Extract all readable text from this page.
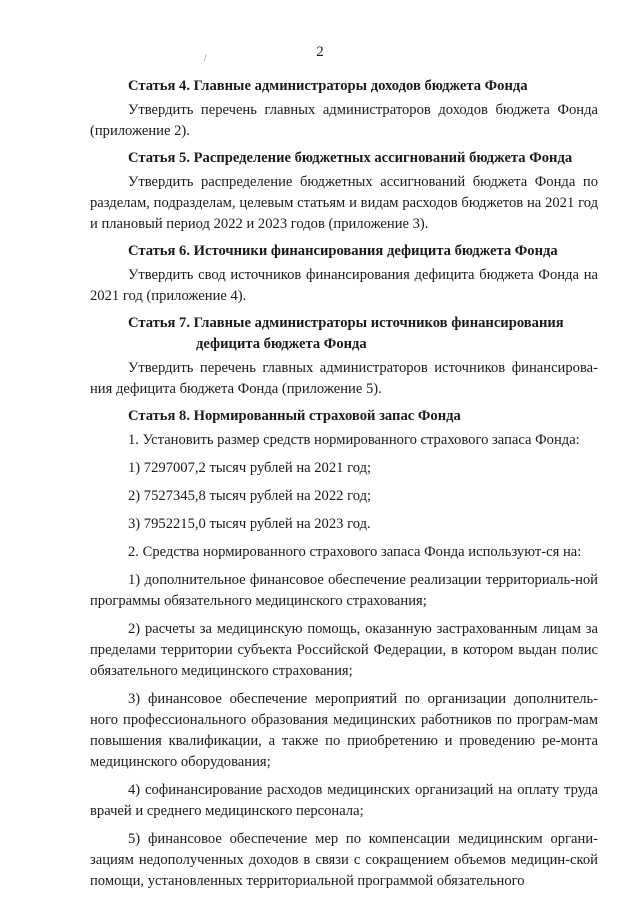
2
/

Статья 4. Главные администраторы доходов бюджета Фонда

Утвердить перечень главных администраторов доходов бюджета Фонда (приложение 2).

Статья 5. Распределение бюджетных ассигнований бюджета Фонда

Утвердить распределение бюджетных ассигнований бюджета Фонда по разделам, подразделам, целевым статьям и видам расходов бюджетов на 2021 год и плановый период 2022 и 2023 годов (приложение 3).

Статья 6. Источники финансирования дефицита бюджета Фонда

Утвердить свод источников финансирования дефицита бюджета Фонда на 2021 год (приложение 4).

Статья 7. Главные администраторы источников финансирования
дефицита бюджета Фонда

Утвердить перечень главных администраторов источников финансирова-ния дефицита бюджета Фонда (приложение 5).

Статья 8. Нормированный страховой запас Фонда

1. Установить размер средств нормированного страхового запаса Фонда:

1) 7297007,2 тысяч рублей на 2021 год;

2) 7527345,8 тысяч рублей на 2022 год;

3) 7952215,0 тысяч рублей на 2023 год.

2. Средства нормированного страхового запаса Фонда используют-ся на:

1) дополнительное финансовое обеспечение реализации территориаль-ной программы обязательного медицинского страхования;

2) расчеты за медицинскую помощь, оказанную застрахованным лицам за пределами территории субъекта Российской Федерации, в котором выдан полис обязательного медицинского страхования;

3) финансовое обеспечение мероприятий по организации дополнитель-ного профессионального образования медицинских работников по програм-мам повышения квалификации, а также по приобретению и проведению ре-монта медицинского оборудования;

4) софинансирование расходов медицинских организаций на оплату труда врачей и среднего медицинского персонала;

5) финансовое обеспечение мер по компенсации медицинским органи-зациям недополученных доходов в связи с сокращением объемов медицин-ской помощи, установленных территориальной программой обязательного
